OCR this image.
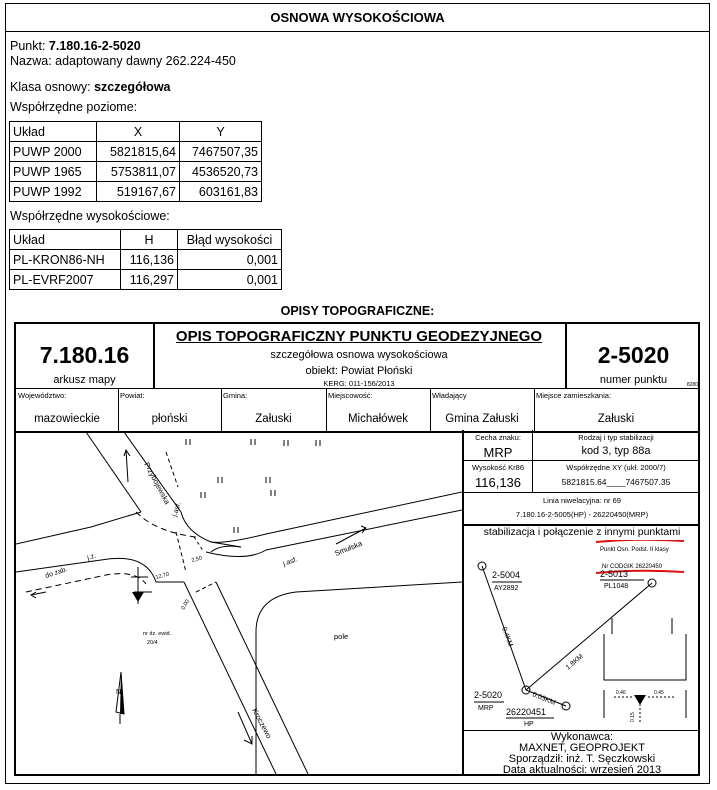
OSNOWA WYSOKOŚCIOWA
Punkt: 7.180.16-2-5020
Nazwa: adaptowany dawny 262.224-450
Klasa osnowy: szczegółowa
Współrzędne poziome:
Układ	X	Y
PUWP 2000	5821815,64	7467507,35
PUWP 1965	5753811,07	4536520,73
PUWP 1992	519167,67	603161,83
Współrzędne wysokościowe:
Układ	H	Błąd wysokości
PL-KRON86-NH	116,136	0,001
PL-EVRF2007	116,297	0,001
OPISY TOPOGRAFICZNE:
7.180.16
arkusz mapy
OPIS TOPOGRAFICZNY PUNKTU GEODEZYJNEGO
szczegółowa osnowa wysokościowa
obiekt: Powiat Płoński
KERG: 011-156/2013
2-5020
numer punktu	8280
Województwo:
mazowieckie
Powiat:
płoński
Gmina:
Załuski
Miejscowość:
Michałówek
Władający
Gmina Załuski
Miejsce zamieszkania:
Załuski
Przybojewska
Smułska
Kroczewo
do zab.
j.z.
j.asf.
j.asf.
12,70
2,50
0,00
pole
nr dz. ewid.
20/4
N
Cecha znaku:
MRP
Rodzaj i typ stabilizacji
kod 3, typ 88a
Wysokość Kr86
116,136
Współrzędne XY (ukł. 2000/7)
5821815.64____7467507.35
Linia niwelacyjna: nr 69
7.180.16-2-5005(HP) - 26220450(MRP)
stabilizacja i połączenie z innymi punktami
2-5004
AY2892
2-5013
PL1048
2-5020
MRP 26220451
HP
Punkt Osn. Podst. II klasy
Nr CODGIK 26220450
0.4KM
1.8KM
0.03KM	0.46	0.45
0.15
Wykonawca:
MAXNET, GEOPROJEKT
Sporządził: inż. T. Sęczkowski
Data aktualności: wrzesień 2013
